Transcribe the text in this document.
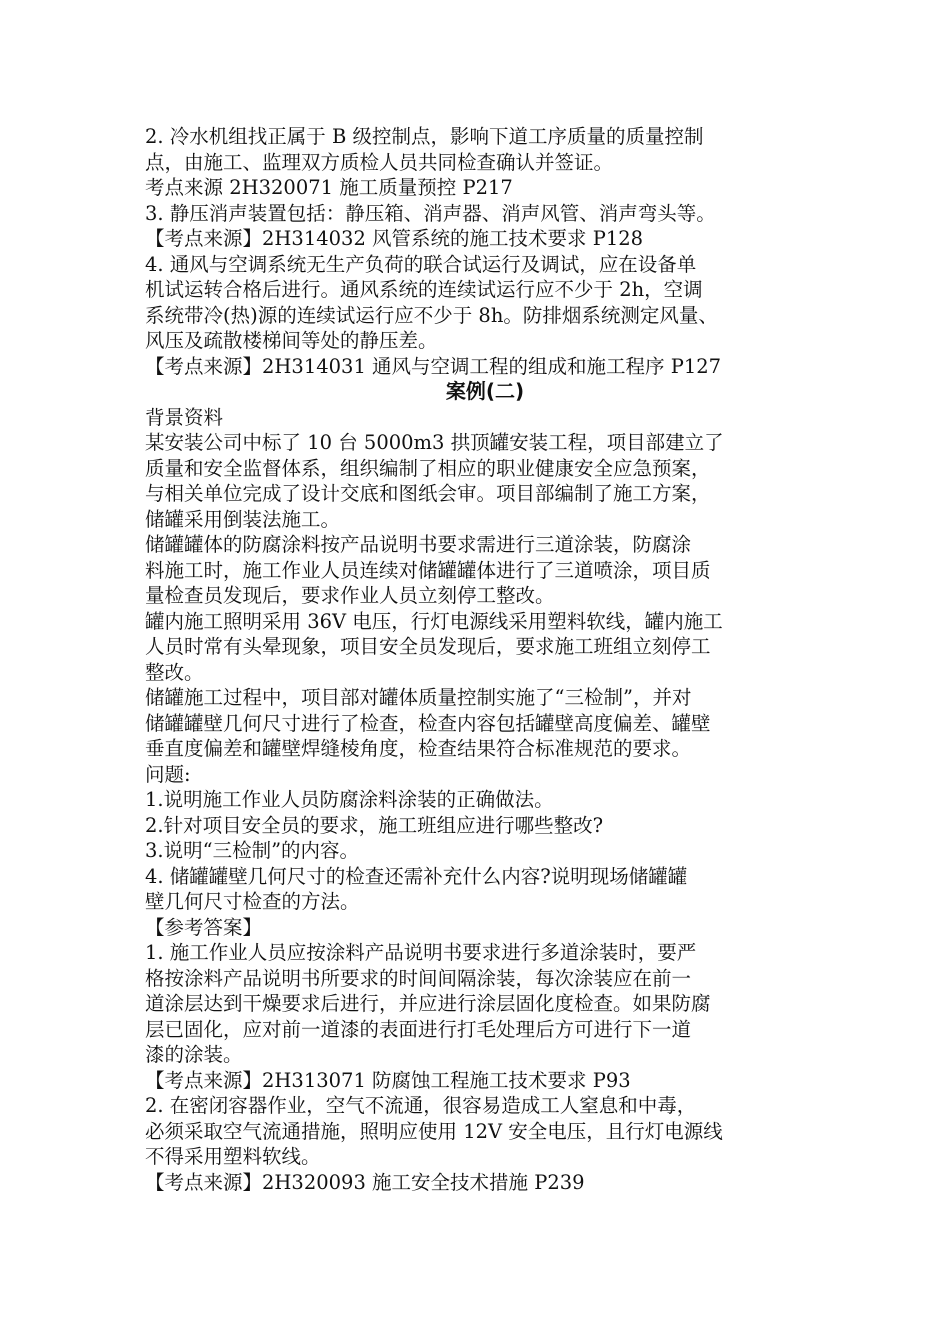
2. 冷水机组找正属于 B 级控制点，影响下道工序质量的质量控制
点，由施工、监理双方质检人员共同检查确认并签证。
考点来源 2H320071 施工质量预控 P217
3. 静压消声装置包括：静压箱、消声器、消声风管、消声弯头等。
【考点来源】2H314032 风管系统的施工技术要求 P128
4. 通风与空调系统无生产负荷的联合试运行及调试，应在设备单
机试运转合格后进行。通风系统的连续试运行应不少于 2h，空调
系统带冷(热)源的连续试运行应不少于 8h。防排烟系统测定风量、
风压及疏散楼梯间等处的静压差。
【考点来源】2H314031 通风与空调工程的组成和施工程序 P127
案例(二)
背景资料
某安装公司中标了 10 台 5000m3 拱顶罐安装工程，项目部建立了
质量和安全监督体系，组织编制了相应的职业健康安全应急预案，
与相关单位完成了设计交底和图纸会审。项目部编制了施工方案，
储罐采用倒装法施工。
储罐罐体的防腐涂料按产品说明书要求需进行三道涂装，防腐涂
料施工时，施工作业人员连续对储罐罐体进行了三道喷涂，项目质
量检查员发现后，要求作业人员立刻停工整改。
罐内施工照明采用 36V 电压，行灯电源线采用塑料软线，罐内施工
人员时常有头晕现象，项目安全员发现后，要求施工班组立刻停工
整改。
储罐施工过程中，项目部对罐体质量控制实施了“三检制”，并对
储罐罐壁几何尺寸进行了检查，检查内容包括罐壁高度偏差、罐壁
垂直度偏差和罐壁焊缝棱角度，检查结果符合标准规范的要求。
问题:
1.说明施工作业人员防腐涂料涂装的正确做法。
2.针对项目安全员的要求，施工班组应进行哪些整改?
3.说明“三检制”的内容。
4. 储罐罐壁几何尺寸的检查还需补充什么内容?说明现场储罐罐
壁几何尺寸检查的方法。
【参考答案】
1. 施工作业人员应按涂料产品说明书要求进行多道涂装时，要严
格按涂料产品说明书所要求的时间间隔涂装，每次涂装应在前一
道涂层达到干燥要求后进行，并应进行涂层固化度检查。如果防腐
层已固化，应对前一道漆的表面进行打毛处理后方可进行下一道
漆的涂装。
【考点来源】2H313071 防腐蚀工程施工技术要求 P93
2. 在密闭容器作业，空气不流通，很容易造成工人窒息和中毒，
必须采取空气流通措施，照明应使用 12V 安全电压，且行灯电源线
不得采用塑料软线。
【考点来源】2H320093 施工安全技术措施 P239
